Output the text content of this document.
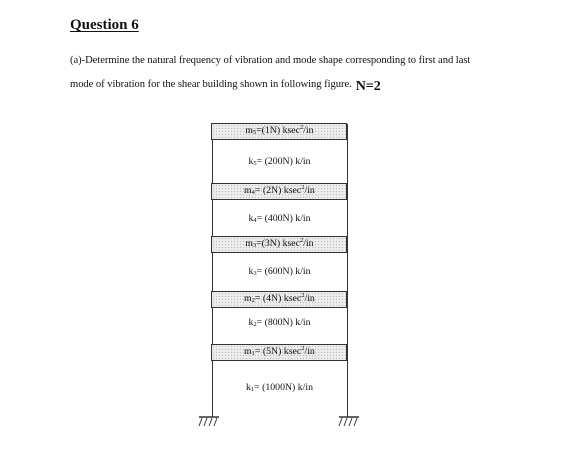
Question 6
(a)-Determine the natural frequency of vibration and mode shape corresponding to first and last
mode of vibration for the shear building shown in following figure. N=2
$m_5=(1N)$ ksec$^2$/in
$k_5= (200N)$ k/in
$m_4= (2N)$ ksec$^2$/in
$k_4= (400N)$ k/in
$m_3=(3N)$ ksec$^2$/in
$k_3= (600N)$ k/in
$m_2= (4N)$ ksec$^2$/in
$k_2= (800N)$ k/in
$m_1= (5N)$ ksec$^2$/in
$k_1= (1000N)$ k/in
